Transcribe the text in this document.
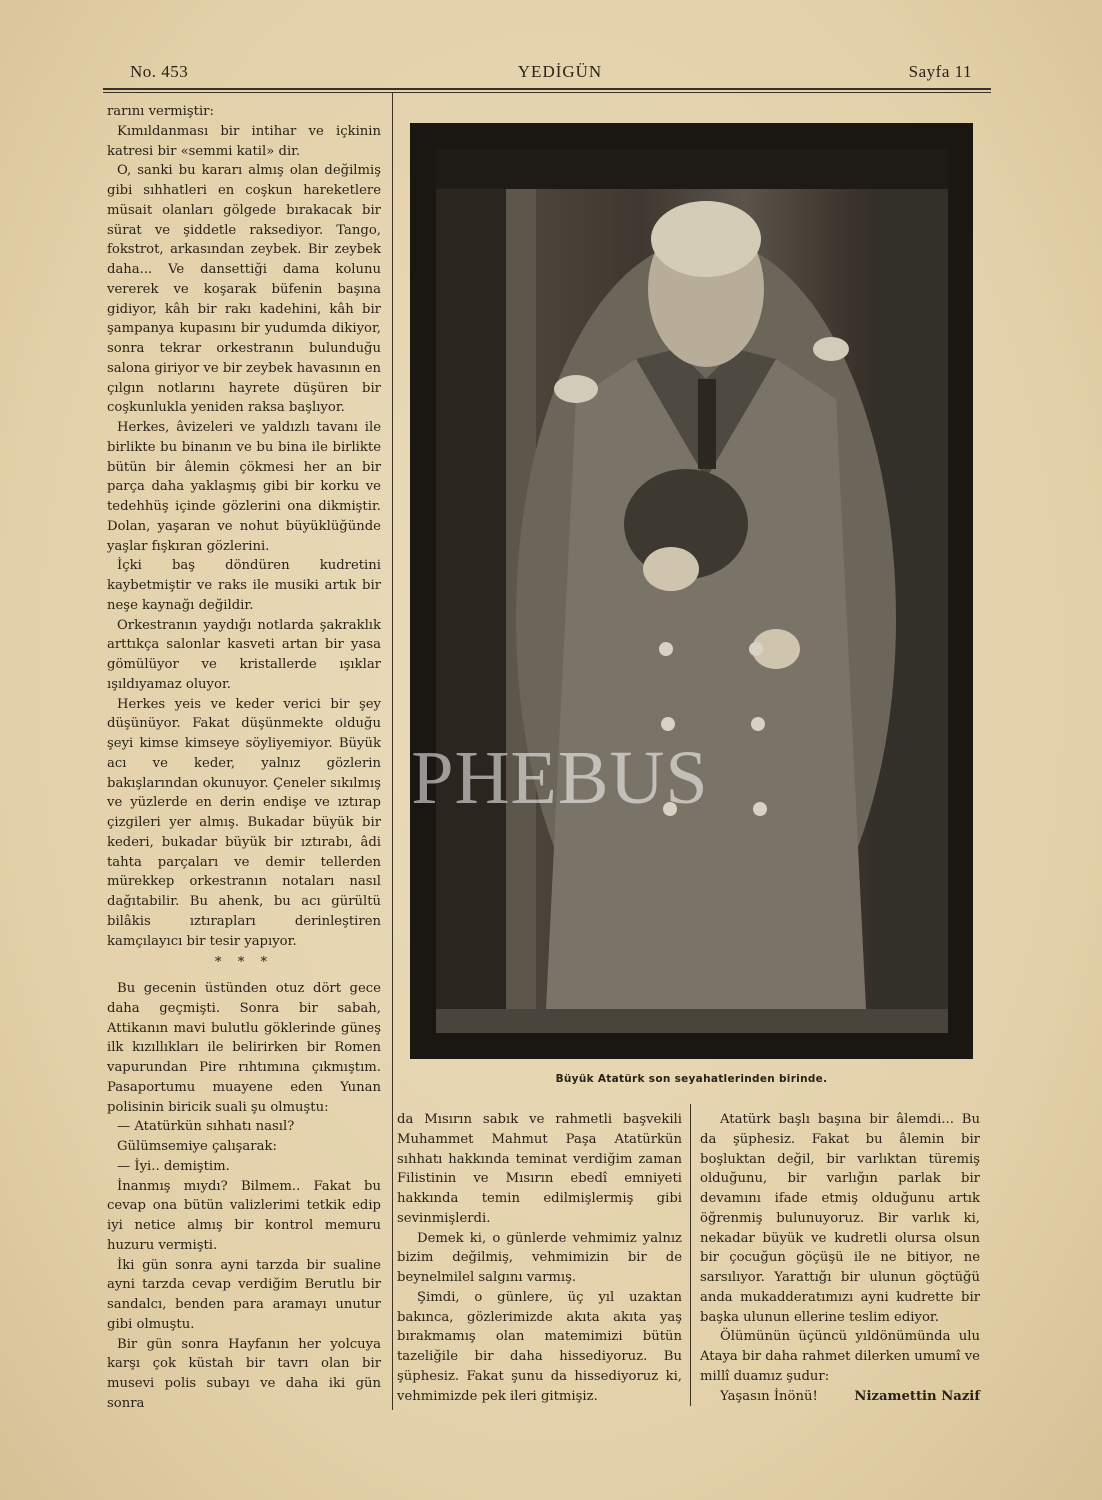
No. 453	YEDİGÜN	Sayfa 11

rarını vermiştir:

Kımıldanması bir intihar ve içkinin katresi bir «semmi katil» dir.

O, sanki bu kararı almış olan değilmiş gibi sıhhatleri en coşkun hareketlere müsait olanları gölgede bırakacak bir sürat ve şiddetle raksediyor. Tango, fokstrot, arkasından zeybek. Bir zeybek daha... Ve dansettiği dama kolunu vererek ve koşarak büfenin başına gidiyor, kâh bir rakı kadehini, kâh bir şampanya kupasını bir yudumda dikiyor, sonra tekrar orkestranın bulunduğu salona giriyor ve bir zeybek havasının en çılgın notlarını hayrete düşüren bir coşkunlukla yeniden raksa başlıyor.

Herkes, âvizeleri ve yaldızlı tavanı ile birlikte bu binanın ve bu bina ile birlikte bütün bir âlemin çökmesi her an bir parça daha yaklaşmış gibi bir korku ve tedehhüş içinde gözlerini ona dikmiştir. Dolan, yaşaran ve nohut büyüklüğünde yaşlar fışkıran gözlerini.

İçki baş döndüren kudretini kaybetmiştir ve raks ile musiki artık bir neşe kaynağı değildir.

Orkestranın yaydığı notlarda şakraklık arttıkça salonlar kasveti artan bir yasa gömülüyor ve kristallerde ışıklar ışıldıyamaz oluyor.

Herkes yeis ve keder verici bir şey düşünüyor. Fakat düşünmekte olduğu şeyi kimse kimseye söyliyemiyor. Büyük acı ve keder, yalnız gözlerin bakışlarından okunuyor. Çeneler sıkılmış ve yüzlerde en derin endişe ve ıztırap çizgileri yer almış. Bukadar büyük bir kederi, bukadar büyük bir ıztırabı, âdi tahta parçaları ve demir tellerden mürekkep orkestranın notaları nasıl dağıtabilir. Bu ahenk, bu acı gürültü bilâkis ıztırapları derinleştiren kamçılayıcı bir tesir yapıyor.

* * *

Bu gecenin üstünden otuz dört gece daha geçmişti. Sonra bir sabah, Attikanın mavi bulutlu göklerinde güneş ilk kızıllıkları ile belirirken bir Romen vapurundan Pire rıhtımına çıkmıştım. Pasaportumu muayene eden Yunan polisinin biricik suali şu olmuştu:

— Atatürkün sıhhatı nasıl?

Gülümsemiye çalışarak:

— İyi.. demiştim.

İnanmış mıydı? Bilmem.. Fakat bu cevap ona bütün valizlerimi tetkik edip iyi netice almış bir kontrol memuru huzuru vermişti.

İki gün sonra ayni tarzda bir sualine ayni tarzda cevap verdiğim Berutlu bir sandalcı, benden para aramayı unutur gibi olmuştu.

Bir gün sonra Hayfanın her yolcuya karşı çok küstah bir tavrı olan bir musevi polis subayı ve daha iki gün sonra

Büyük Atatürk son seyahatlerinden birinde.
PHEBUS

da Mısırın sabık ve rahmetli başvekili Muhammet Mahmut Paşa Atatürkün sıhhatı hakkında teminat verdiğim zaman Filistinin ve Mısırın ebedî emniyeti hakkında temin edilmişlermiş gibi sevinmişlerdi.

Demek ki, o günlerde vehmimiz yalnız bizim değilmiş, vehmimizin bir de beynelmilel salgını varmış.

Şimdi, o günlere, üç yıl uzaktan bakınca, gözlerimizde akıta akıta yaş bırakmamış olan matemimizi bütün tazeliğile bir daha hissediyoruz. Bu şüphesiz. Fakat şunu da hissediyoruz ki, vehmimizde pek ileri gitmişiz.

Atatürk başlı başına bir âlemdi... Bu da şüphesiz. Fakat bu âlemin bir boşluktan değil, bir varlıktan türemiş olduğunu, bir varlığın parlak bir devamını ifade etmiş olduğunu artık öğrenmiş bulunuyoruz. Bir varlık ki, nekadar büyük ve kudretli olursa olsun bir çocuğun göçüşü ile ne bitiyor, ne sarsılıyor. Yarattığı bir ulunun göçtüğü anda mukadderatımızı ayni kudrette bir başka ulunun ellerine teslim ediyor.

Ölümünün üçüncü yıldönümünda ulu Ataya bir daha rahmet dilerken umumî ve millî duamız şudur:

Yaşasın İnönü!	Nizamettin Nazif
